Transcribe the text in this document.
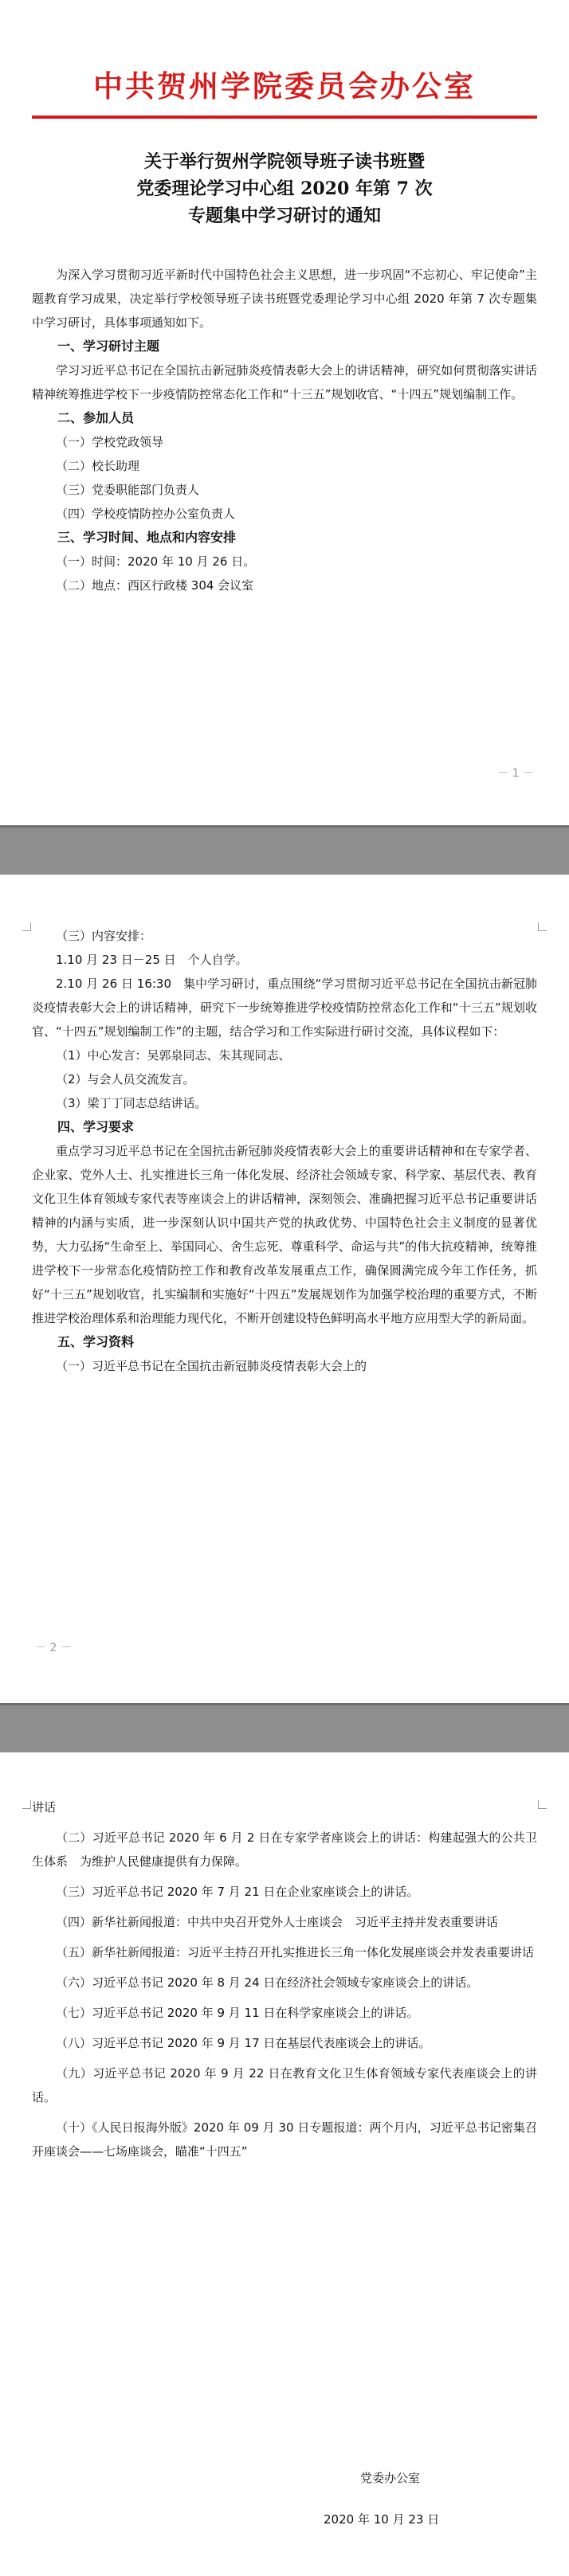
中共贺州学院委员会办公室

关于举行贺州学院领导班子读书班暨

党委理论学习中心组 2020 年第 7 次

专题集中学习研讨的通知

为深入学习贯彻习近平新时代中国特色社会主义思想，进一步巩固“不忘初心、牢记使命”主题教育学习成果，决定举行学校领导班子读书班暨党委理论学习中心组 2020 年第 7 次专题集中学习研讨，具体事项通知如下。

一、学习研讨主题

学习习近平总书记在全国抗击新冠肺炎疫情表彰大会上的讲话精神，研究如何贯彻落实讲话精神统筹推进学校下一步疫情防控常态化工作和“十三五”规划收官、“十四五”规划编制工作。

二、参加人员

（一）学校党政领导

（二）校长助理

（三）党委职能部门负责人

（四）学校疫情防控办公室负责人

三、学习时间、地点和内容安排

（一）时间：2020 年 10 月 26 日。

（二）地点：西区行政楼 304 会议室

－ 1 －

（三）内容安排：

1.10 月 23 日－25 日　个人自学。

2.10 月 26 日 16:30　集中学习研讨，重点围绕“学习贯彻习近平总书记在全国抗击新冠肺炎疫情表彰大会上的讲话精神，研究下一步统筹推进学校疫情防控常态化工作和“十三五”规划收官、“十四五”规划编制工作”的主题，结合学习和工作实际进行研讨交流，具体议程如下：

（1）中心发言：吴郭泉同志、朱其现同志、

（2）与会人员交流发言。

（3）梁丁丁同志总结讲话。

四、学习要求

重点学习习近平总书记在全国抗击新冠肺炎疫情表彰大会上的重要讲话精神和在专家学者、企业家、党外人士、扎实推进长三角一体化发展、经济社会领域专家、科学家、基层代表、教育文化卫生体育领域专家代表等座谈会上的讲话精神，深刻领会、准确把握习近平总书记重要讲话精神的内涵与实质，进一步深刻认识中国共产党的执政优势、中国特色社会主义制度的显著优势，大力弘扬“生命至上、举国同心、舍生忘死、尊重科学、命运与共”的伟大抗疫精神，统筹推进学校下一步常态化疫情防控工作和教育改革发展重点工作，确保圆满完成今年工作任务，抓好“十三五”规划收官，扎实编制和实施好“十四五”发展规划作为加强学校治理的重要方式，不断推进学校治理体系和治理能力现代化，不断开创建设特色鲜明高水平地方应用型大学的新局面。

五、学习资料

（一）习近平总书记在全国抗击新冠肺炎疫情表彰大会上的

－ 2 －

讲话

（二）习近平总书记 2020 年 6 月 2 日在专家学者座谈会上的讲话：构建起强大的公共卫生体系　为维护人民健康提供有力保障。

（三）习近平总书记 2020 年 7 月 21 日在企业家座谈会上的讲话。

（四）新华社新闻报道：中共中央召开党外人士座谈会　习近平主持并发表重要讲话

（五）新华社新闻报道：习近平主持召开扎实推进长三角一体化发展座谈会并发表重要讲话

（六）习近平总书记 2020 年 8 月 24 日在经济社会领域专家座谈会上的讲话。

（七）习近平总书记 2020 年 9 月 11 日在科学家座谈会上的讲话。

（八）习近平总书记 2020 年 9 月 17 日在基层代表座谈会上的讲话。

（九）习近平总书记 2020 年 9 月 22 日在教育文化卫生体育领域专家代表座谈会上的讲话。

（十）《人民日报海外版》2020 年 09 月 30 日专题报道：两个月内，习近平总书记密集召开座谈会——七场座谈会，瞄准“十四五”

党委办公室
2020 年 10 月 23 日
